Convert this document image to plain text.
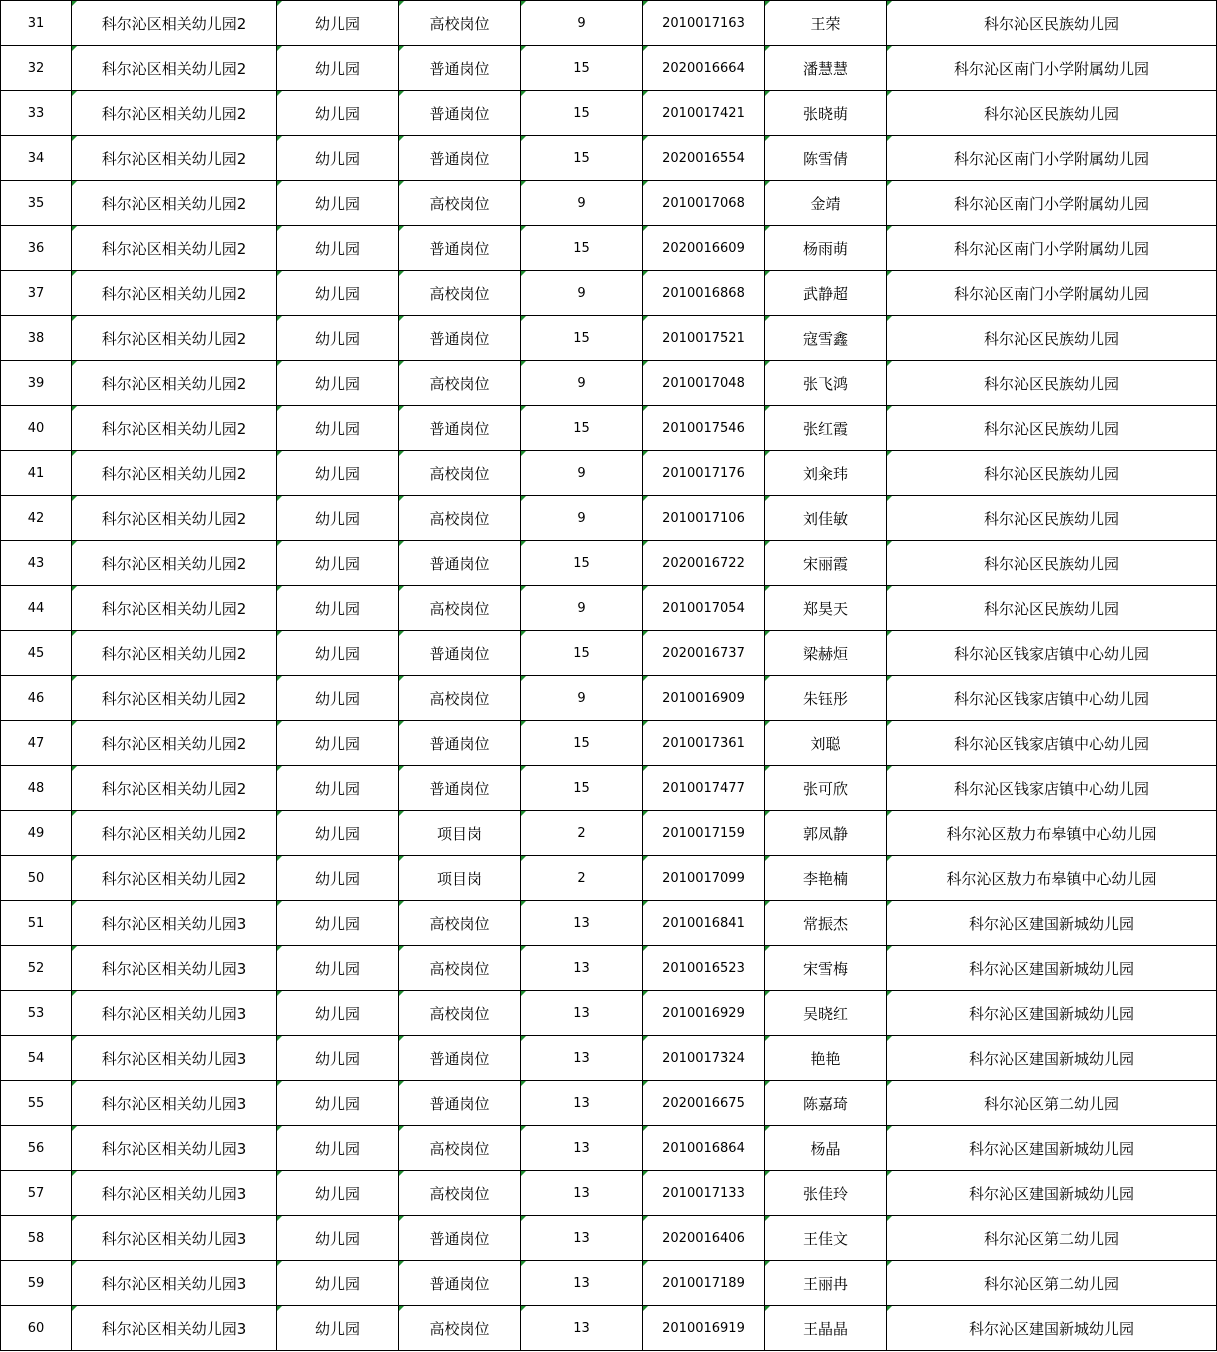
31	科尔沁区相关幼儿园2	幼儿园	高校岗位	9	2010017163	王荣	科尔沁区民族幼儿园
32	科尔沁区相关幼儿园2	幼儿园	普通岗位	15	2020016664	潘慧慧	科尔沁区南门小学附属幼儿园
33	科尔沁区相关幼儿园2	幼儿园	普通岗位	15	2010017421	张晓萌	科尔沁区民族幼儿园
34	科尔沁区相关幼儿园2	幼儿园	普通岗位	15	2020016554	陈雪倩	科尔沁区南门小学附属幼儿园
35	科尔沁区相关幼儿园2	幼儿园	高校岗位	9	2010017068	金靖	科尔沁区南门小学附属幼儿园
36	科尔沁区相关幼儿园2	幼儿园	普通岗位	15	2020016609	杨雨萌	科尔沁区南门小学附属幼儿园
37	科尔沁区相关幼儿园2	幼儿园	高校岗位	9	2010016868	武静超	科尔沁区南门小学附属幼儿园
38	科尔沁区相关幼儿园2	幼儿园	普通岗位	15	2010017521	寇雪鑫	科尔沁区民族幼儿园
39	科尔沁区相关幼儿园2	幼儿园	高校岗位	9	2010017048	张飞鸿	科尔沁区民族幼儿园
40	科尔沁区相关幼儿园2	幼儿园	普通岗位	15	2010017546	张红霞	科尔沁区民族幼儿园
41	科尔沁区相关幼儿园2	幼儿园	高校岗位	9	2010017176	刘籴玮	科尔沁区民族幼儿园
42	科尔沁区相关幼儿园2	幼儿园	高校岗位	9	2010017106	刘佳敏	科尔沁区民族幼儿园
43	科尔沁区相关幼儿园2	幼儿园	普通岗位	15	2020016722	宋丽霞	科尔沁区民族幼儿园
44	科尔沁区相关幼儿园2	幼儿园	高校岗位	9	2010017054	郑昊天	科尔沁区民族幼儿园
45	科尔沁区相关幼儿园2	幼儿园	普通岗位	15	2020016737	梁赫烜	科尔沁区钱家店镇中心幼儿园
46	科尔沁区相关幼儿园2	幼儿园	高校岗位	9	2010016909	朱钰彤	科尔沁区钱家店镇中心幼儿园
47	科尔沁区相关幼儿园2	幼儿园	普通岗位	15	2010017361	刘聪	科尔沁区钱家店镇中心幼儿园
48	科尔沁区相关幼儿园2	幼儿园	普通岗位	15	2010017477	张可欣	科尔沁区钱家店镇中心幼儿园
49	科尔沁区相关幼儿园2	幼儿园	项目岗	2	2010017159	郭凤静	科尔沁区敖力布皋镇中心幼儿园
50	科尔沁区相关幼儿园2	幼儿园	项目岗	2	2010017099	李艳楠	科尔沁区敖力布皋镇中心幼儿园
51	科尔沁区相关幼儿园3	幼儿园	高校岗位	13	2010016841	常振杰	科尔沁区建国新城幼儿园
52	科尔沁区相关幼儿园3	幼儿园	高校岗位	13	2010016523	宋雪梅	科尔沁区建国新城幼儿园
53	科尔沁区相关幼儿园3	幼儿园	高校岗位	13	2010016929	吴晓红	科尔沁区建国新城幼儿园
54	科尔沁区相关幼儿园3	幼儿园	普通岗位	13	2010017324	艳艳	科尔沁区建国新城幼儿园
55	科尔沁区相关幼儿园3	幼儿园	普通岗位	13	2020016675	陈嘉琦	科尔沁区第二幼儿园
56	科尔沁区相关幼儿园3	幼儿园	高校岗位	13	2010016864	杨晶	科尔沁区建国新城幼儿园
57	科尔沁区相关幼儿园3	幼儿园	高校岗位	13	2010017133	张佳玲	科尔沁区建国新城幼儿园
58	科尔沁区相关幼儿园3	幼儿园	普通岗位	13	2020016406	王佳文	科尔沁区第二幼儿园
59	科尔沁区相关幼儿园3	幼儿园	普通岗位	13	2010017189	王丽冉	科尔沁区第二幼儿园
60	科尔沁区相关幼儿园3	幼儿园	高校岗位	13	2010016919	王晶晶	科尔沁区建国新城幼儿园
